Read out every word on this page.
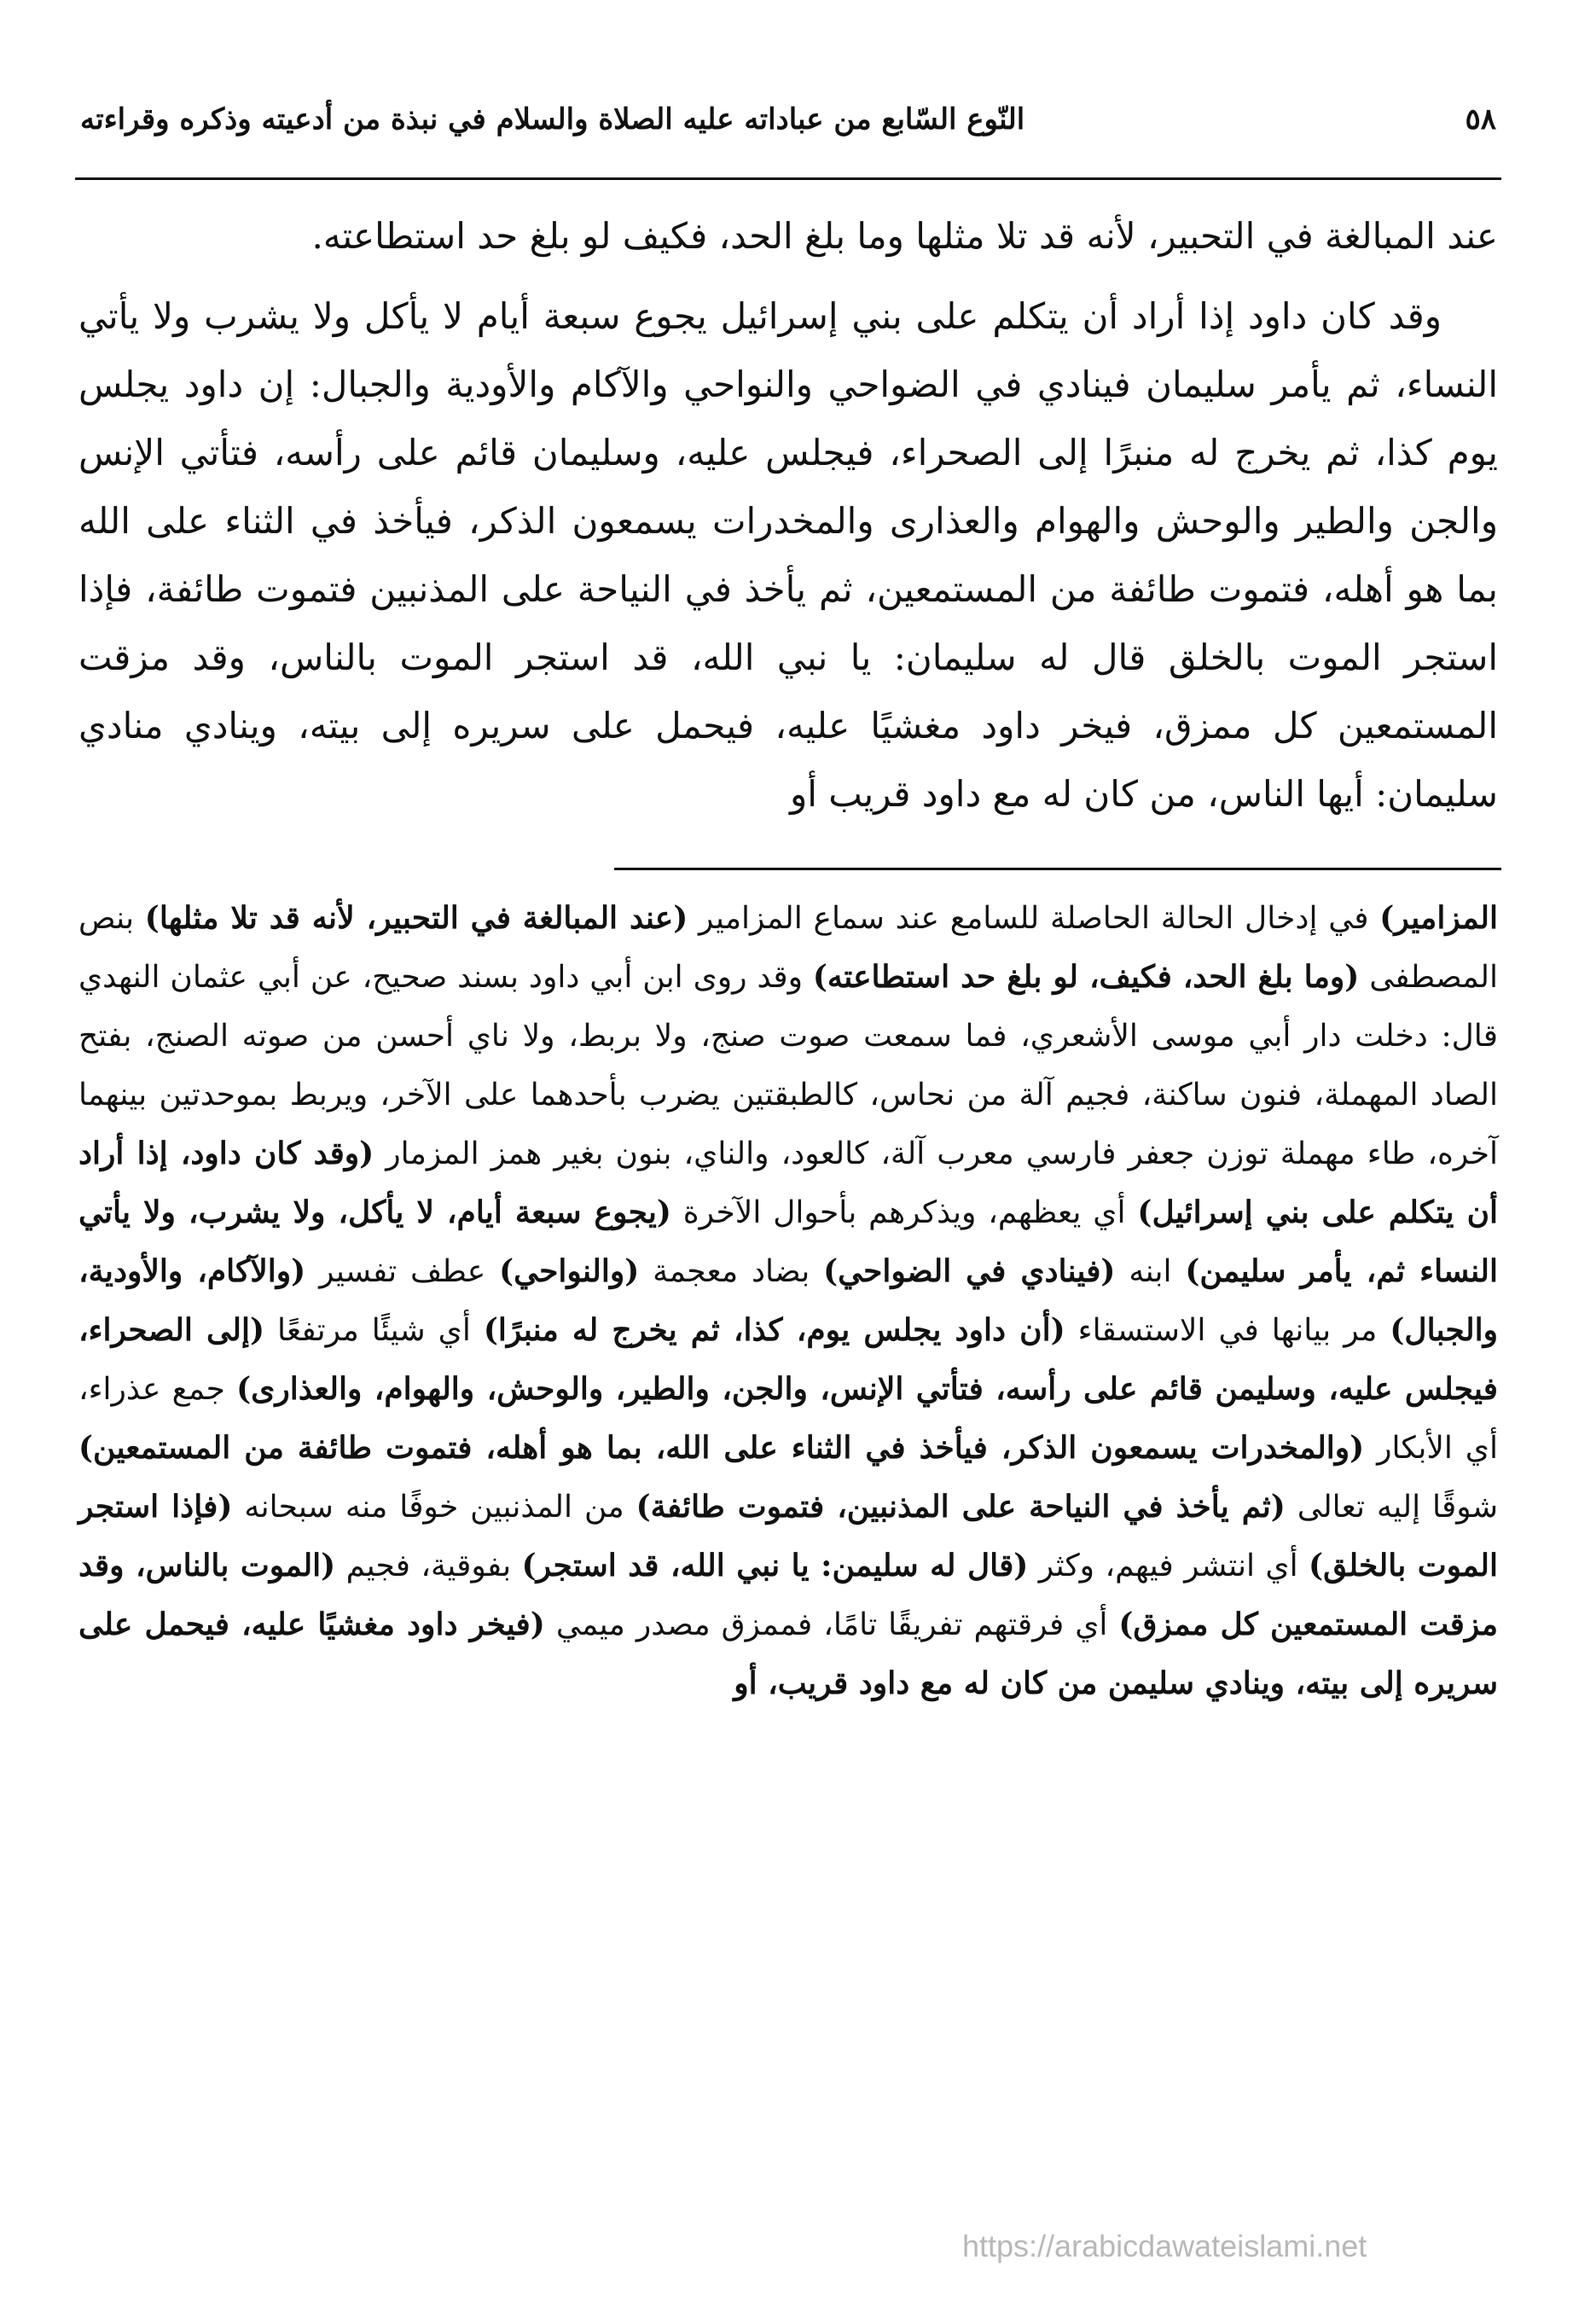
٥٨
النّوع السّابع من عباداته عليه الصلاة والسلام في نبذة من أدعيته وذكره وقراءته

عند المبالغة في التحبير، لأنه قد تلا مثلها وما بلغ الحد، فكيف لو بلغ حد استطاعته.

وقد كان داود إذا أراد أن يتكلم على بني إسرائيل يجوع سبعة أيام لا يأكل ولا يشرب ولا يأتي النساء، ثم يأمر سليمان فينادي في الضواحي والنواحي والآكام والأودية والجبال: إن داود يجلس يوم كذا، ثم يخرج له منبرًا إلى الصحراء، فيجلس عليه، وسليمان قائم على رأسه، فتأتي الإنس والجن والطير والوحش والهوام والعذارى والمخدرات يسمعون الذكر، فيأخذ في الثناء على الله بما هو أهله، فتموت طائفة من المستمعين، ثم يأخذ في النياحة على المذنبين فتموت طائفة، فإذا استجر الموت بالخلق قال له سليمان: يا نبي الله، قد استجر الموت بالناس، وقد مزقت المستمعين كل ممزق، فيخر داود مغشيًا عليه، فيحمل على سريره إلى بيته، وينادي منادي سليمان: أيها الناس، من كان له مع داود قريب أو

المزامير) في إدخال الحالة الحاصلة للسامع عند سماع المزامير (عند المبالغة في التحبير، لأنه قد تلا مثلها) بنص المصطفى (وما بلغ الحد، فكيف، لو بلغ حد استطاعته) وقد روى ابن أبي داود بسند صحيح، عن أبي عثمان النهدي قال: دخلت دار أبي موسى الأشعري، فما سمعت صوت صنج، ولا بربط، ولا ناي أحسن من صوته الصنج، بفتح الصاد المهملة، فنون ساكنة، فجيم آلة من نحاس، كالطبقتين يضرب بأحدهما على الآخر، ويربط بموحدتين بينهما آخره، طاء مهملة توزن جعفر فارسي معرب آلة، كالعود، والناي، بنون بغير همز المزمار (وقد كان داود، إذا أراد أن يتكلم على بني إسرائيل) أي يعظهم، ويذكرهم بأحوال الآخرة (يجوع سبعة أيام، لا يأكل، ولا يشرب، ولا يأتي النساء ثم، يأمر سليمن) ابنه (فينادي في الضواحي) بضاد معجمة (والنواحي) عطف تفسير (والآكام، والأودية، والجبال) مر بيانها في الاستسقاء (أن داود يجلس يوم، كذا، ثم يخرج له منبرًا) أي شيئًا مرتفعًا (إلى الصحراء، فيجلس عليه، وسليمن قائم على رأسه، فتأتي الإنس، والجن، والطير، والوحش، والهوام، والعذارى) جمع عذراء، أي الأبكار (والمخدرات يسمعون الذكر، فيأخذ في الثناء على الله، بما هو أهله، فتموت طائفة من المستمعين) شوقًا إليه تعالى (ثم يأخذ في النياحة على المذنبين، فتموت طائفة) من المذنبين خوفًا منه سبحانه (فإذا استجر الموت بالخلق) أي انتشر فيهم، وكثر (قال له سليمن: يا نبي الله، قد استجر) بفوقية، فجيم (الموت بالناس، وقد مزقت المستمعين كل ممزق) أي فرقتهم تفريقًا تامًا، فممزق مصدر ميمي (فيخر داود مغشيًا عليه، فيحمل على سريره إلى بيته، وينادي سليمن من كان له مع داود قريب، أو

https://arabicdawateislami.net
